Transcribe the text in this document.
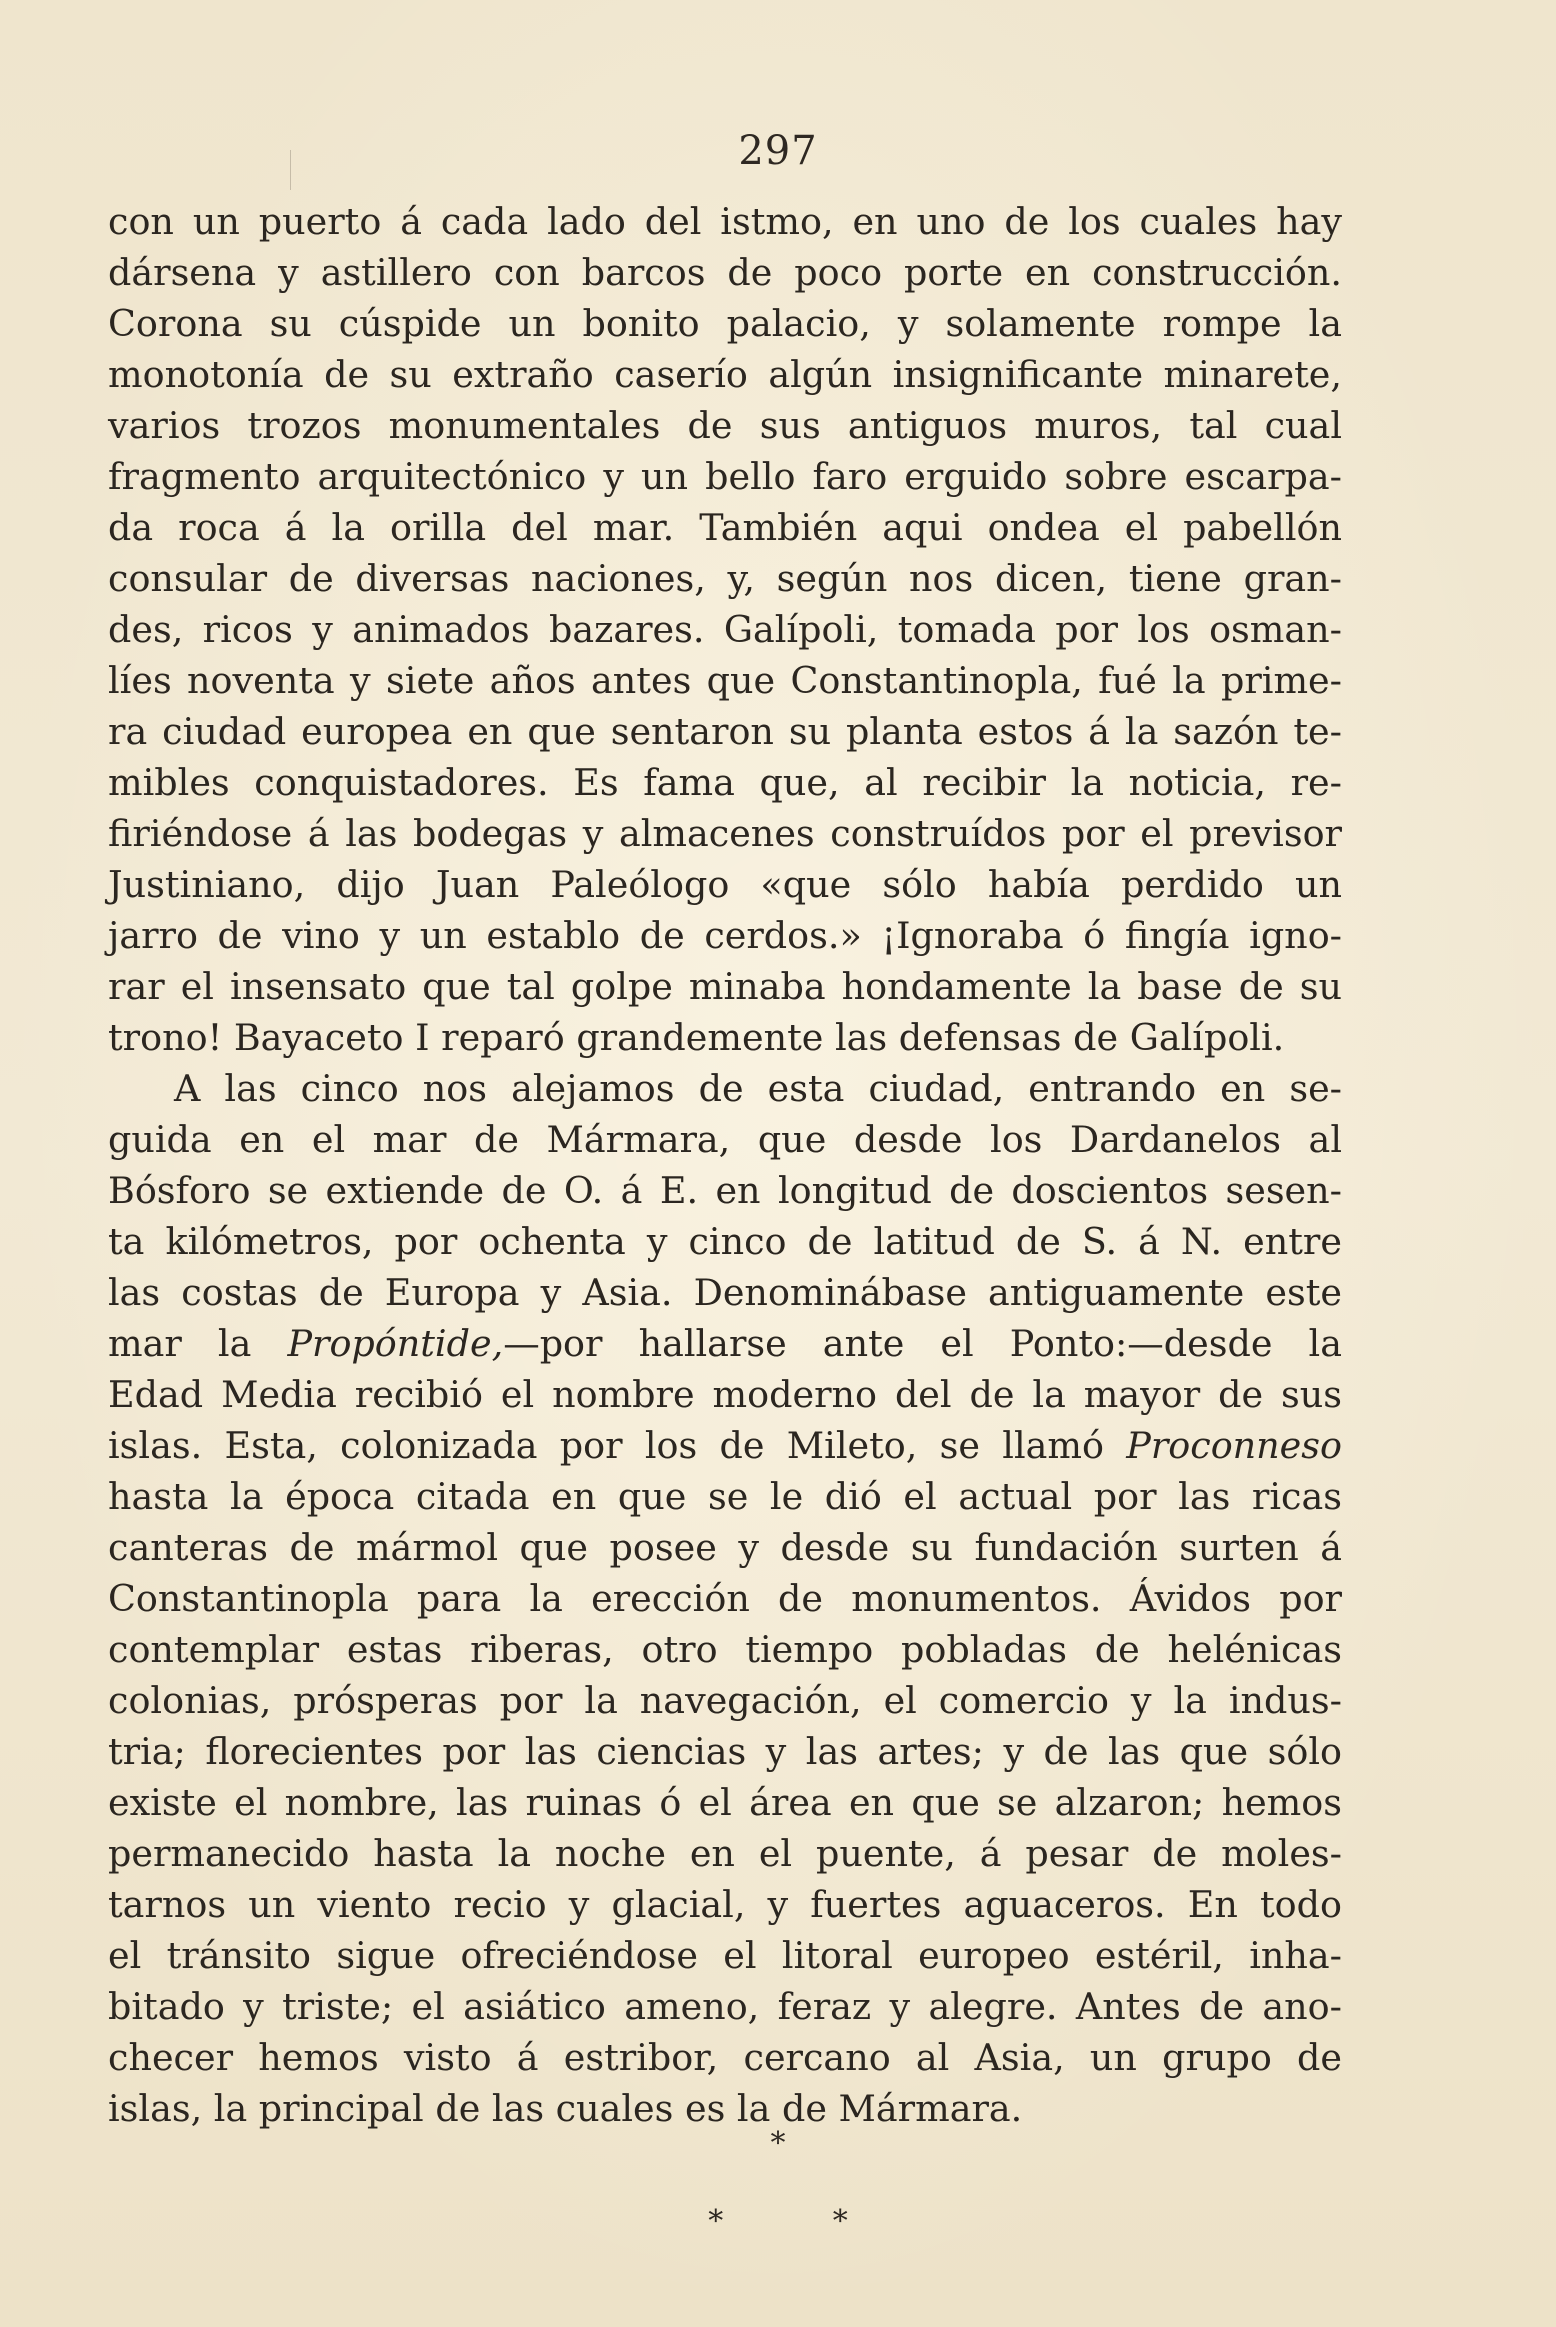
297
con un puerto á cada lado del istmo, en uno de los cuales hay
dársena y astillero con barcos de poco porte en construcción.
Corona su cúspide un bonito palacio, y solamente rompe la
monotonía de su extraño caserío algún insignificante minarete,
varios trozos monumentales de sus antiguos muros, tal cual
fragmento arquitectónico y un bello faro erguido sobre escarpa-
da roca á la orilla del mar. También aqui ondea el pabellón
consular de diversas naciones, y, según nos dicen, tiene gran-
des, ricos y animados bazares. Galípoli, tomada por los osman-
líes noventa y siete años antes que Constantinopla, fué la prime-
ra ciudad europea en que sentaron su planta estos á la sazón te-
mibles conquistadores. Es fama que, al recibir la noticia, re-
firiéndose á las bodegas y almacenes construídos por el previsor
Justiniano, dijo Juan Paleólogo «que sólo había perdido un
jarro de vino y un establo de cerdos.» ¡Ignoraba ó fingía igno-
rar el insensato que tal golpe minaba hondamente la base de su
trono! Bayaceto I reparó grandemente las defensas de Galípoli.
A las cinco nos alejamos de esta ciudad, entrando en se-
guida en el mar de Mármara, que desde los Dardanelos al
Bósforo se extiende de O. á E. en longitud de doscientos sesen-
ta kilómetros, por ochenta y cinco de latitud de S. á N. entre
las costas de Europa y Asia. Denominábase antiguamente este
mar la Propóntide,—por hallarse ante el Ponto:—desde la
Edad Media recibió el nombre moderno del de la mayor de sus
islas. Esta, colonizada por los de Mileto, se llamó Proconneso
hasta la época citada en que se le dió el actual por las ricas
canteras de mármol que posee y desde su fundación surten á
Constantinopla para la erección de monumentos. Ávidos por
contemplar estas riberas, otro tiempo pobladas de helénicas
colonias, prósperas por la navegación, el comercio y la indus-
tria; florecientes por las ciencias y las artes; y de las que sólo
existe el nombre, las ruinas ó el área en que se alzaron; hemos
permanecido hasta la noche en el puente, á pesar de moles-
tarnos un viento recio y glacial, y fuertes aguaceros. En todo
el tránsito sigue ofreciéndose el litoral europeo estéril, inha-
bitado y triste; el asiático ameno, feraz y alegre. Antes de ano-
checer hemos visto á estribor, cercano al Asia, un grupo de
islas, la principal de las cuales es la de Mármara.
*
*	*
